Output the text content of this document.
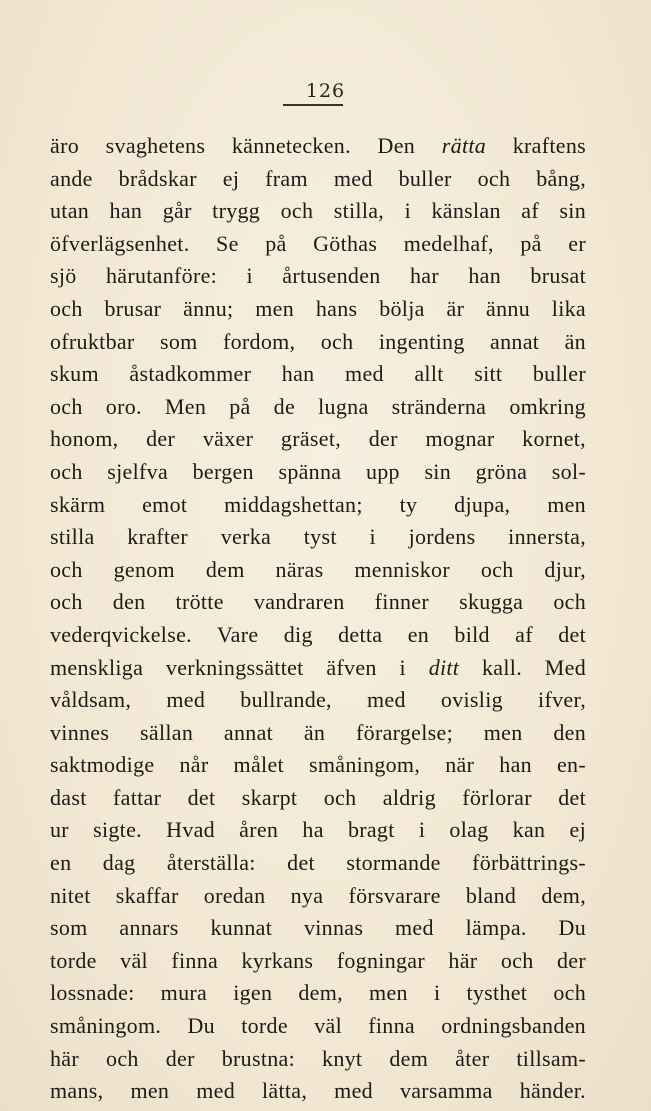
126
äro svaghetens kännetecken. Den rätta kraftens
ande brådskar ej fram med buller och bång,
utan han går trygg och stilla, i känslan af sin
öfverlägsenhet. Se på Göthas medelhaf, på er
sjö härutanföre: i årtusenden har han brusat
och brusar ännu; men hans bölja är ännu lika
ofruktbar som fordom, och ingenting annat än
skum åstadkommer han med allt sitt buller
och oro. Men på de lugna stränderna omkring
honom, der växer gräset, der mognar kornet,
och sjelfva bergen spänna upp sin gröna sol-
skärm emot middagshettan; ty djupa, men
stilla krafter verka tyst i jordens innersta,
och genom dem näras menniskor och djur,
och den trötte vandraren finner skugga och
vederqvickelse. Vare dig detta en bild af det
menskliga verkningssättet äfven i ditt kall. Med
våldsam, med bullrande, med ovislig ifver,
vinnes sällan annat än förargelse; men den
saktmodige når målet småningom, när han en-
dast fattar det skarpt och aldrig förlorar det
ur sigte. Hvad åren ha bragt i olag kan ej
en dag återställa: det stormande förbättrings-
nitet skaffar oredan nya försvarare bland dem,
som annars kunnat vinnas med lämpa. Du
torde väl finna kyrkans fogningar här och der
lossnade: mura igen dem, men i tysthet och
småningom. Du torde väl finna ordningsbanden
här och der brustna: knyt dem åter tillsam-
mans, men med lätta, med varsamma händer.
